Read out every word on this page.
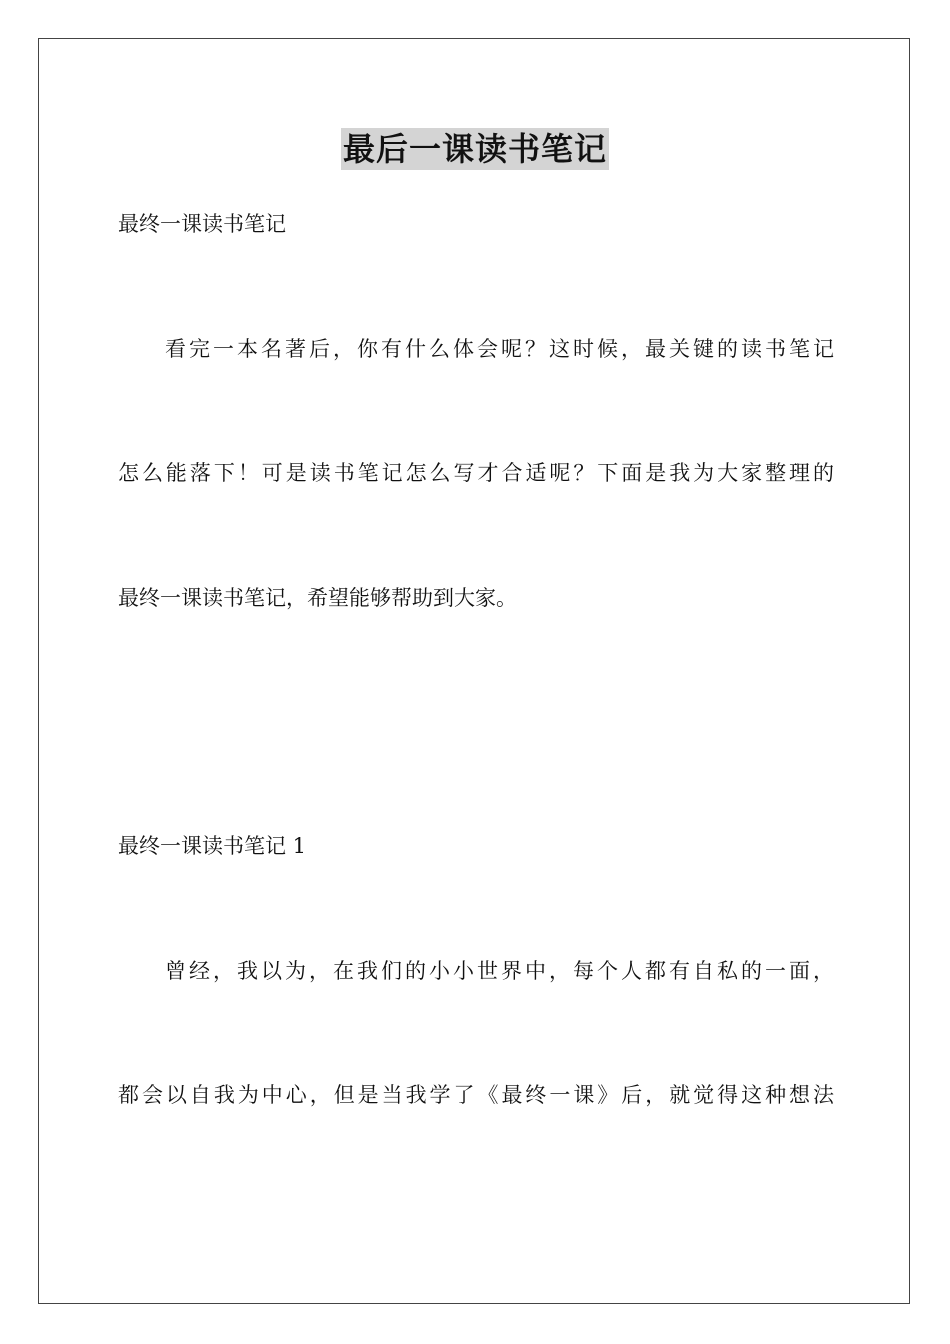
最后一课读书笔记
最终一课读书笔记
看完一本名著后，你有什么体会呢？这时候，最关键的读书笔记
怎么能落下！可是读书笔记怎么写才合适呢？下面是我为大家整理的
最终一课读书笔记，希望能够帮助到大家。
最终一课读书笔记 1
曾经，我以为，在我们的小小世界中，每个人都有自私的一面，
都会以自我为中心，但是当我学了《最终一课》后，就觉得这种想法
